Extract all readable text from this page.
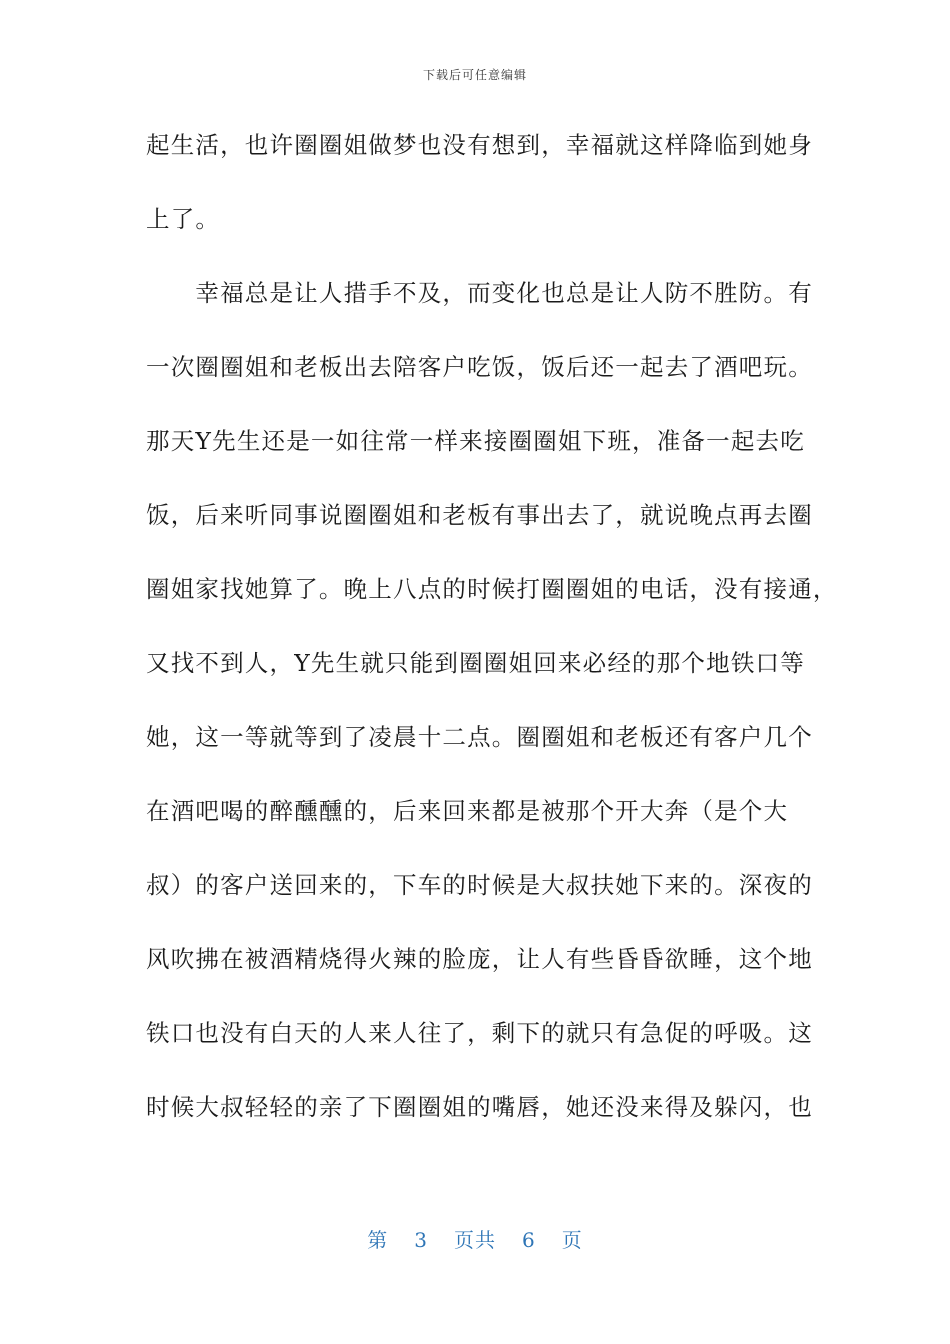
下载后可任意编辑
起生活，也许圈圈姐做梦也没有想到，幸福就这样降临到她身
上了。
　　幸福总是让人措手不及，而变化也总是让人防不胜防。有
一次圈圈姐和老板出去陪客户吃饭，饭后还一起去了酒吧玩。
那天Y先生还是一如往常一样来接圈圈姐下班，准备一起去吃
饭，后来听同事说圈圈姐和老板有事出去了，就说晚点再去圈
圈姐家找她算了。晚上八点的时候打圈圈姐的电话，没有接通，
又找不到人，Y先生就只能到圈圈姐回来必经的那个地铁口等
她，这一等就等到了凌晨十二点。圈圈姐和老板还有客户几个
在酒吧喝的醉醺醺的，后来回来都是被那个开大奔（是个大
叔）的客户送回来的，下车的时候是大叔扶她下来的。深夜的
风吹拂在被酒精烧得火辣的脸庞，让人有些昏昏欲睡，这个地
铁口也没有白天的人来人往了，剩下的就只有急促的呼吸。这
时候大叔轻轻的亲了下圈圈姐的嘴唇，她还没来得及躲闪，也
第 3 页共 6 页
